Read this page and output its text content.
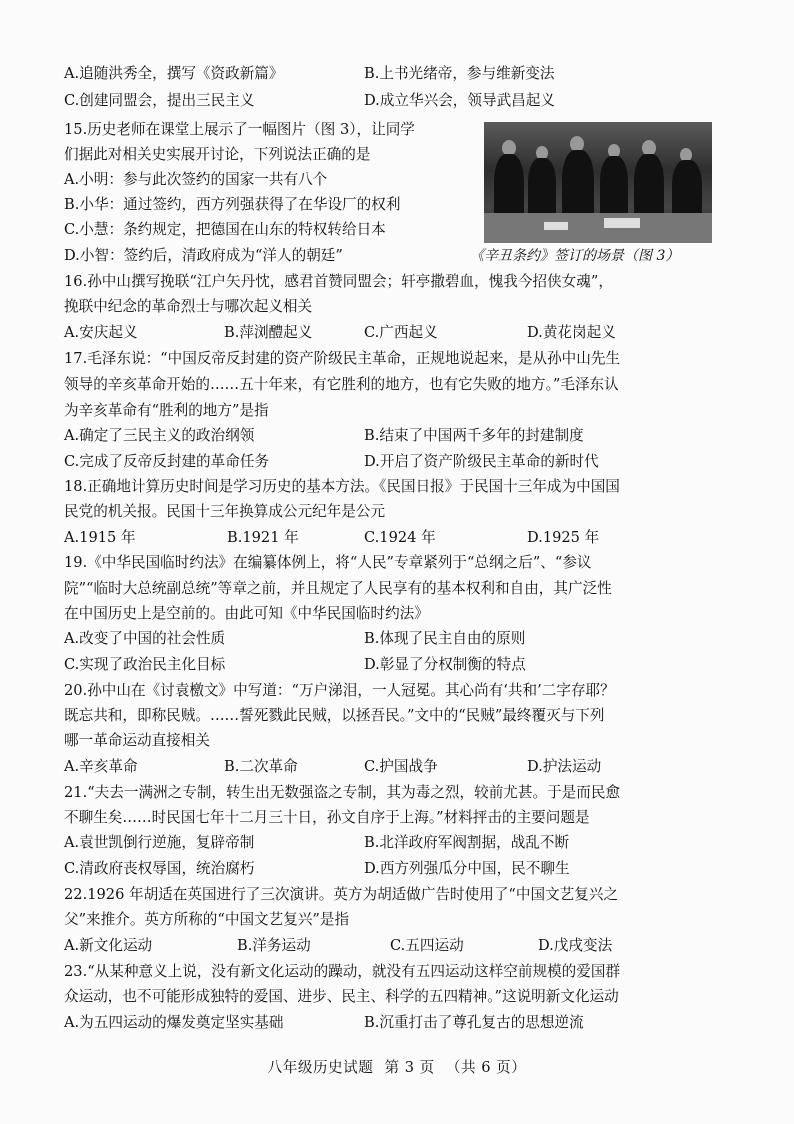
A.追随洪秀全，撰写《资政新篇》	B.上书光绪帝，参与维新变法
C.创建同盟会，提出三民主义	D.成立华兴会，领导武昌起义
15.历史老师在课堂上展示了一幅图片（图 3），让同学
们据此对相关史实展开讨论，下列说法正确的是
A.小明：参与此次签约的国家一共有八个
B.小华：通过签约，西方列强获得了在华设厂的权利
C.小慧：条约规定，把德国在山东的特权转给日本
D.小智：签约后，清政府成为“洋人的朝廷”	《辛丑条约》签订的场景（图 3）
16.孙中山撰写挽联“江户矢丹忱，感君首赞同盟会；轩亭撒碧血，愧我今招侠女魂”，
挽联中纪念的革命烈士与哪次起义相关
A.安庆起义	B.萍浏醴起义	C.广西起义	D.黄花岗起义
17.毛泽东说：“中国反帝反封建的资产阶级民主革命，正规地说起来，是从孙中山先生
领导的辛亥革命开始的……五十年来，有它胜利的地方，也有它失败的地方。”毛泽东认
为辛亥革命有“胜利的地方”是指
A.确定了三民主义的政治纲领	B.结束了中国两千多年的封建制度
C.完成了反帝反封建的革命任务	D.开启了资产阶级民主革命的新时代
18.正确地计算历史时间是学习历史的基本方法。《民国日报》于民国十三年成为中国国
民党的机关报。民国十三年换算成公元纪年是公元
A.1915 年	B.1921 年	C.1924 年	D.1925 年
19.《中华民国临时约法》在编纂体例上，将“人民”专章紧列于“总纲之后”、“参议
院”“临时大总统副总统”等章之前，并且规定了人民享有的基本权利和自由，其广泛性
在中国历史上是空前的。由此可知《中华民国临时约法》
A.改变了中国的社会性质	B.体现了民主自由的原则
C.实现了政治民主化目标	D.彰显了分权制衡的特点
20.孙中山在《讨袁檄文》中写道：“万户涕泪，一人冠冕。其心尚有‘共和’二字存耶？
既忘共和，即称民贼。……誓死戮此民贼，以拯吾民。”文中的“民贼”最终覆灭与下列
哪一革命运动直接相关
A.辛亥革命	B.二次革命	C.护国战争	D.护法运动
21.“夫去一满洲之专制，转生出无数强盗之专制，其为毒之烈，较前尤甚。于是而民愈
不聊生矣……时民国七年十二月三十日，孙文自序于上海。”材料抨击的主要问题是
A.袁世凯倒行逆施，复辟帝制	B.北洋政府军阀割据，战乱不断
C.清政府丧权辱国，统治腐朽	D.西方列强瓜分中国，民不聊生
22.1926 年胡适在英国进行了三次演讲。英方为胡适做广告时使用了“中国文艺复兴之
父”来推介。英方所称的“中国文艺复兴”是指
A.新文化运动	B.洋务运动	C.五四运动	D.戊戌变法
23.“从某种意义上说，没有新文化运动的躁动，就没有五四运动这样空前规模的爱国群
众运动，也不可能形成独特的爱国、进步、民主、科学的五四精神。”这说明新文化运动
A.为五四运动的爆发奠定坚实基础	B.沉重打击了尊孔复古的思想逆流
八年级历史试题 第 3 页 （共 6 页）
